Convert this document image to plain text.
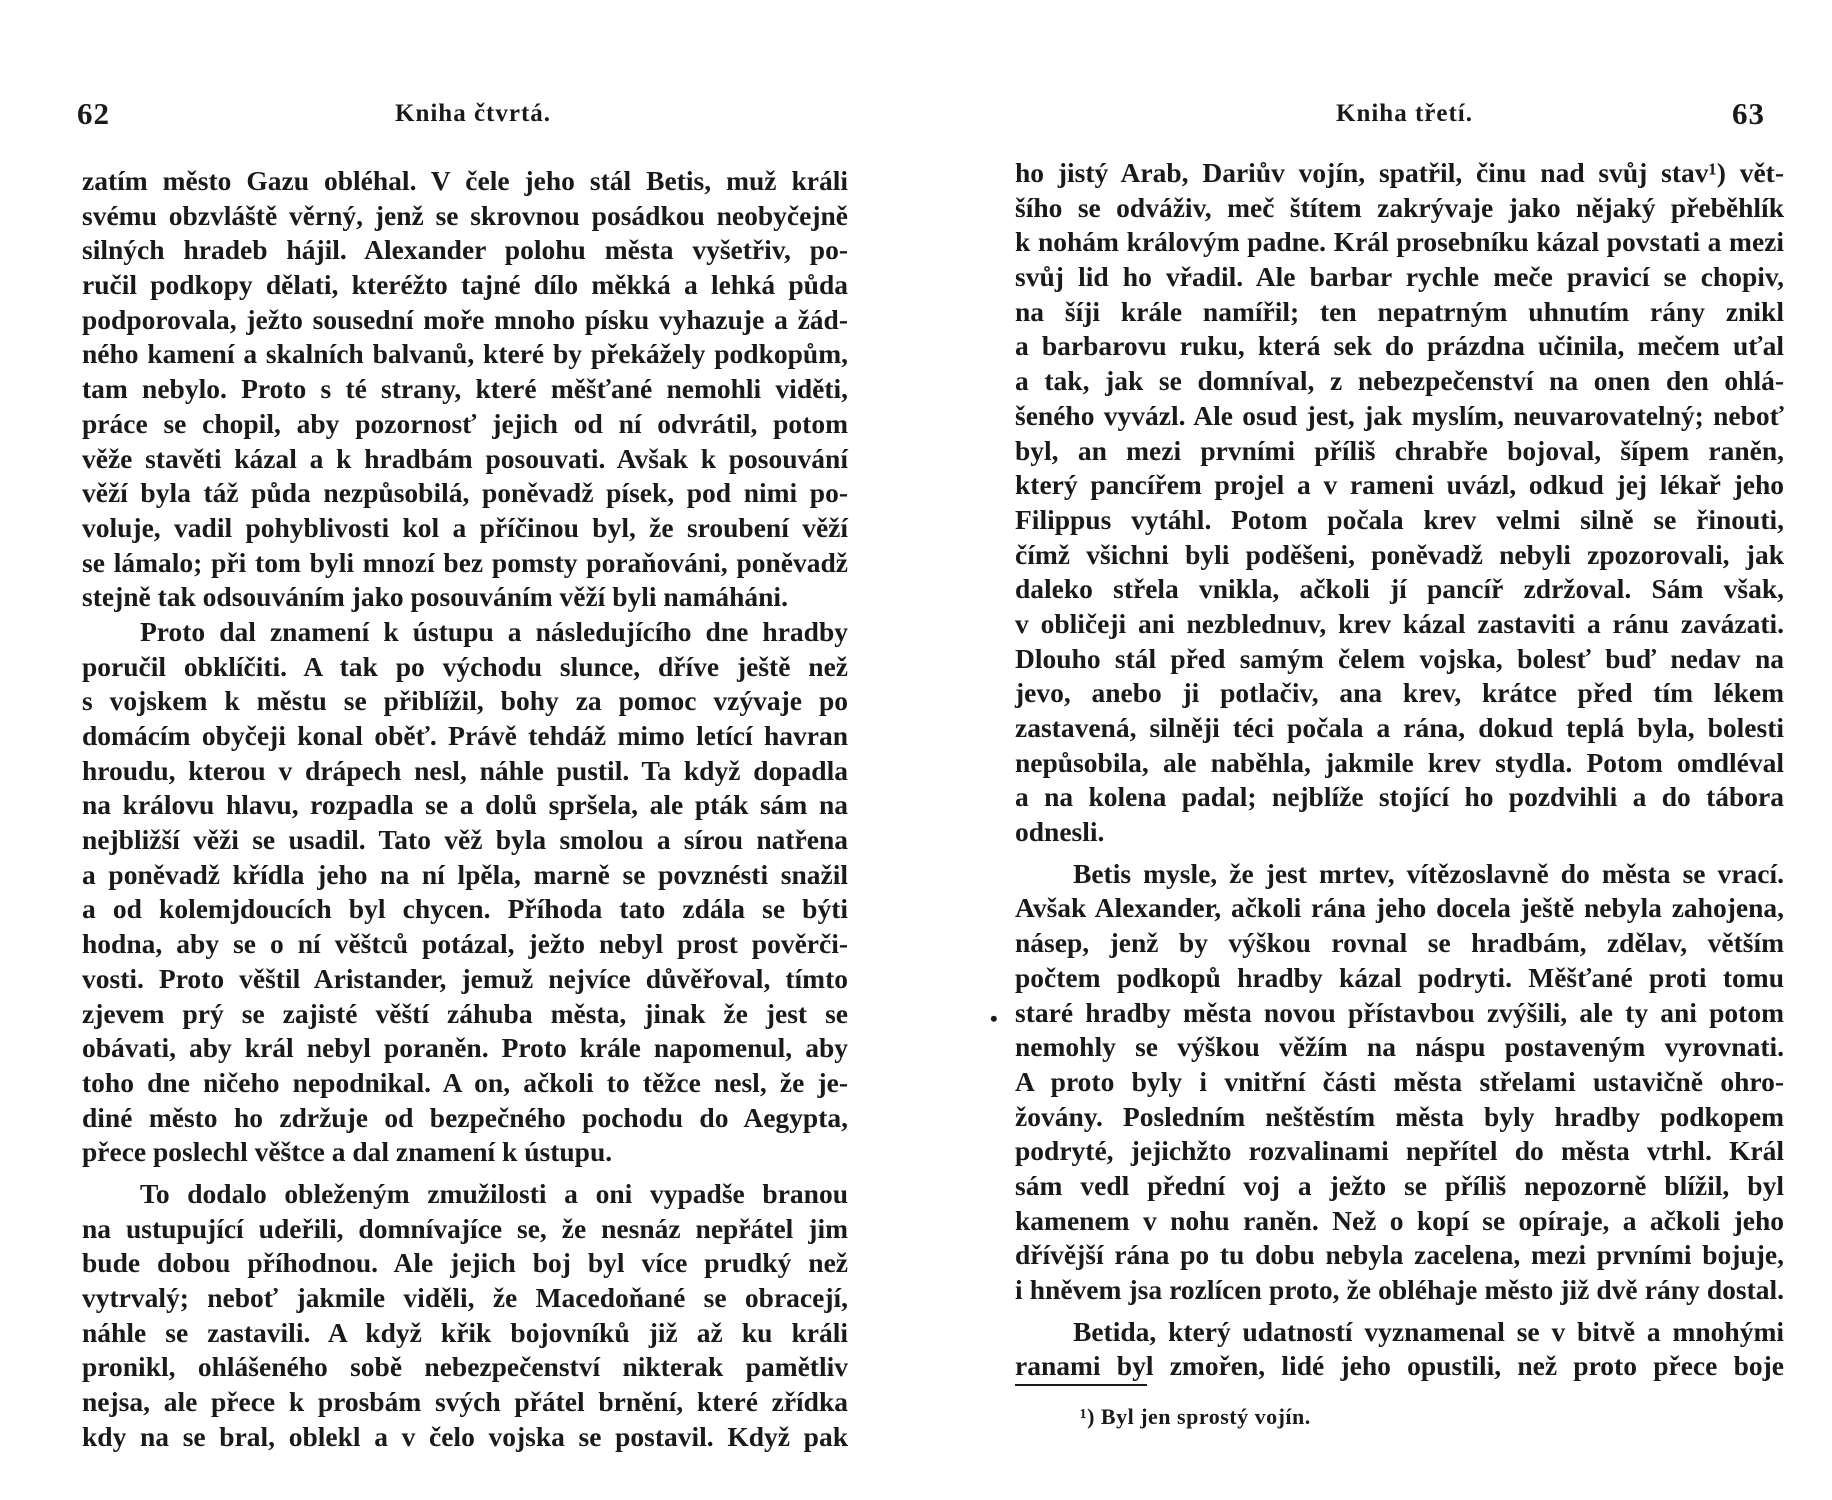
62	Kniha čtvrtá.
zatím město Gazu obléhal. V čele jeho stál Betis, muž králi
svému obzvláště věrný, jenž se skrovnou posádkou neobyčejně
silných hradeb hájil. Alexander polohu města vyšetřiv, po-
ručil podkopy dělati, kteréžto tajné dílo měkká a lehká půda
podporovala, ježto sousední moře mnoho písku vyhazuje a žád-
ného kamení a skalních balvanů, které by překážely podkopům,
tam nebylo. Proto s té strany, které měšťané nemohli viděti,
práce se chopil, aby pozornosť jejich od ní odvrátil, potom
věže stavěti kázal a k hradbám posouvati. Avšak k posouvání
věží byla táž půda nezpůsobilá, poněvadž písek, pod nimi po-
voluje, vadil pohyblivosti kol a příčinou byl, že sroubení věží
se lámalo; při tom byli mnozí bez pomsty poraňováni, poněvadž
stejně tak odsouváním jako posouváním věží byli namáháni.
Proto dal znamení k ústupu a následujícího dne hradby
poručil obklíčiti. A tak po východu slunce, dříve ještě než
s vojskem k městu se přiblížil, bohy za pomoc vzývaje po
domácím obyčeji konal oběť. Právě tehdáž mimo letící havran
hroudu, kterou v drápech nesl, náhle pustil. Ta když dopadla
na královu hlavu, rozpadla se a dolů spršela, ale pták sám na
nejbližší věži se usadil. Tato věž byla smolou a sírou natřena
a poněvadž křídla jeho na ní lpěla, marně se povznésti snažil
a od kolemjdoucích byl chycen. Příhoda tato zdála se býti
hodna, aby se o ní věštců potázal, ježto nebyl prost pověrči-
vosti. Proto věštil Aristander, jemuž nejvíce důvěřoval, tímto
zjevem prý se zajisté věští záhuba města, jinak že jest se
obávati, aby král nebyl poraněn. Proto krále napomenul, aby
toho dne ničeho nepodnikal. A on, ačkoli to těžce nesl, že je-
diné město ho zdržuje od bezpečného pochodu do Aegypta,
přece poslechl věštce a dal znamení k ústupu.
To dodalo obleženým zmužilosti a oni vypadše branou
na ustupující udeřili, domnívajíce se, že nesnáz nepřátel jim
bude dobou příhodnou. Ale jejich boj byl více prudký než
vytrvalý; neboť jakmile viděli, že Macedoňané se obracejí,
náhle se zastavili. A když křik bojovníků již až ku králi
pronikl, ohlášeného sobě nebezpečenství nikterak pamětliv
nejsa, ale přece k prosbám svých přátel brnění, které zřídka
kdy na se bral, oblekl a v čelo vojska se postavil. Když pak
Kniha třetí.	63
•
ho jistý Arab, Dariův vojín, spatřil, činu nad svůj stav¹) vět-
šího se odváživ, meč štítem zakrývaje jako nějaký přeběhlík
k nohám královým padne. Král prosebníku kázal povstati a mezi
svůj lid ho vřadil. Ale barbar rychle meče pravicí se chopiv,
na šíji krále namířil; ten nepatrným uhnutím rány znikl
a barbarovu ruku, která sek do prázdna učinila, mečem uťal
a tak, jak se domníval, z nebezpečenství na onen den ohlá-
šeného vyvázl. Ale osud jest, jak myslím, neuvarovatelný; neboť
byl, an mezi prvními příliš chrabře bojoval, šípem raněn,
který pancířem projel a v rameni uvázl, odkud jej lékař jeho
Filippus vytáhl. Potom počala krev velmi silně se řinouti,
čímž všichni byli poděšeni, poněvadž nebyli zpozorovali, jak
daleko střela vnikla, ačkoli jí pancíř zdržoval. Sám však,
v obličeji ani nezblednuv, krev kázal zastaviti a ránu zavázati.
Dlouho stál před samým čelem vojska, bolesť buď nedav na
jevo, anebo ji potlačiv, ana krev, krátce před tím lékem
zastavená, silněji téci počala a rána, dokud teplá byla, bolesti
nepůsobila, ale naběhla, jakmile krev stydla. Potom omdléval
a na kolena padal; nejblíže stojící ho pozdvihli a do tábora
odnesli.
Betis mysle, že jest mrtev, vítězoslavně do města se vrací.
Avšak Alexander, ačkoli rána jeho docela ještě nebyla zahojena,
násep, jenž by výškou rovnal se hradbám, zdělav, větším
počtem podkopů hradby kázal podryti. Měšťané proti tomu
staré hradby města novou přístavbou zvýšili, ale ty ani potom
nemohly se výškou věžím na náspu postaveným vyrovnati.
A proto byly i vnitřní části města střelami ustavičně ohro-
žovány. Posledním neštěstím města byly hradby podkopem
podryté, jejichžto rozvalinami nepřítel do města vtrhl. Král
sám vedl přední voj a ježto se příliš nepozorně blížil, byl
kamenem v nohu raněn. Než o kopí se opíraje, a ačkoli jeho
dřívější rána po tu dobu nebyla zacelena, mezi prvními bojuje,
i hněvem jsa rozlícen proto, že obléhaje město již dvě rány dostal.
Betida, který udatností vyznamenal se v bitvě a mnohými
ranami byl zmořen, lidé jeho opustili, než proto přece boje
¹) Byl jen sprostý vojín.
